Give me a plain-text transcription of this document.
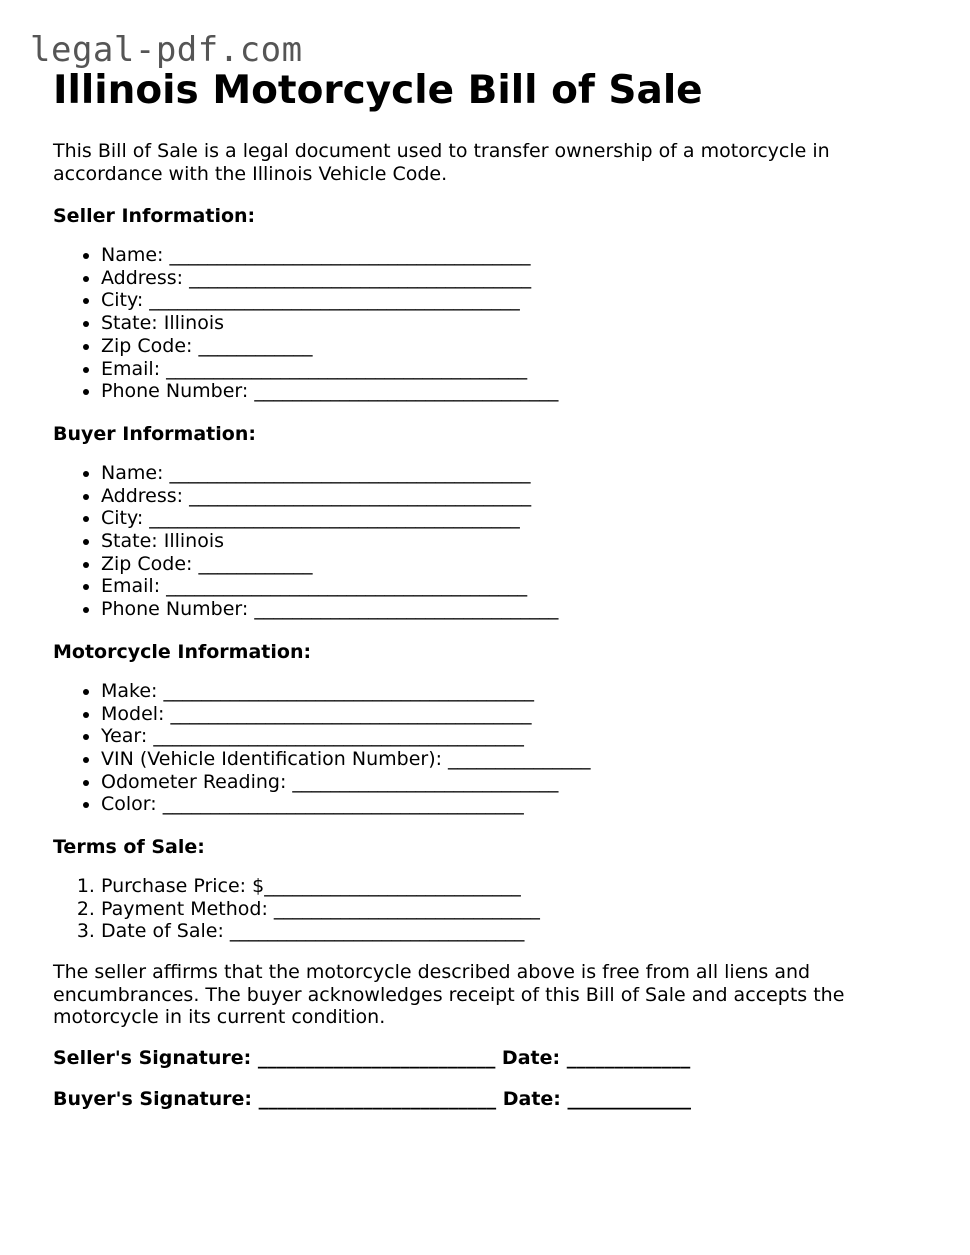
legal-pdf.com
Illinois Motorcycle Bill of Sale

This Bill of Sale is a legal document used to transfer ownership of a motorcycle in accordance with the Illinois Vehicle Code.

Seller Information:
• Name: ______________________________________
• Address: ____________________________________
• City: _______________________________________
• State: Illinois
• Zip Code: ____________
• Email: ______________________________________
• Phone Number: ________________________________
Buyer Information:
• Name: ______________________________________
• Address: ____________________________________
• City: _______________________________________
• State: Illinois
• Zip Code: ____________
• Email: ______________________________________
• Phone Number: ________________________________
Motorcycle Information:
• Make: _______________________________________
• Model: ______________________________________
• Year: _______________________________________
• VIN (Vehicle Identification Number): _______________
• Odometer Reading: ____________________________
• Color: ______________________________________
Terms of Sale:
1. Purchase Price: $___________________________
2. Payment Method: ____________________________
3. Date of Sale: _______________________________

The seller affirms that the motorcycle described above is free from all liens and encumbrances. The buyer acknowledges receipt of this Bill of Sale and accepts the motorcycle in its current condition.

Seller's Signature: _________________________ Date: _____________
Buyer's Signature: _________________________ Date: _____________
